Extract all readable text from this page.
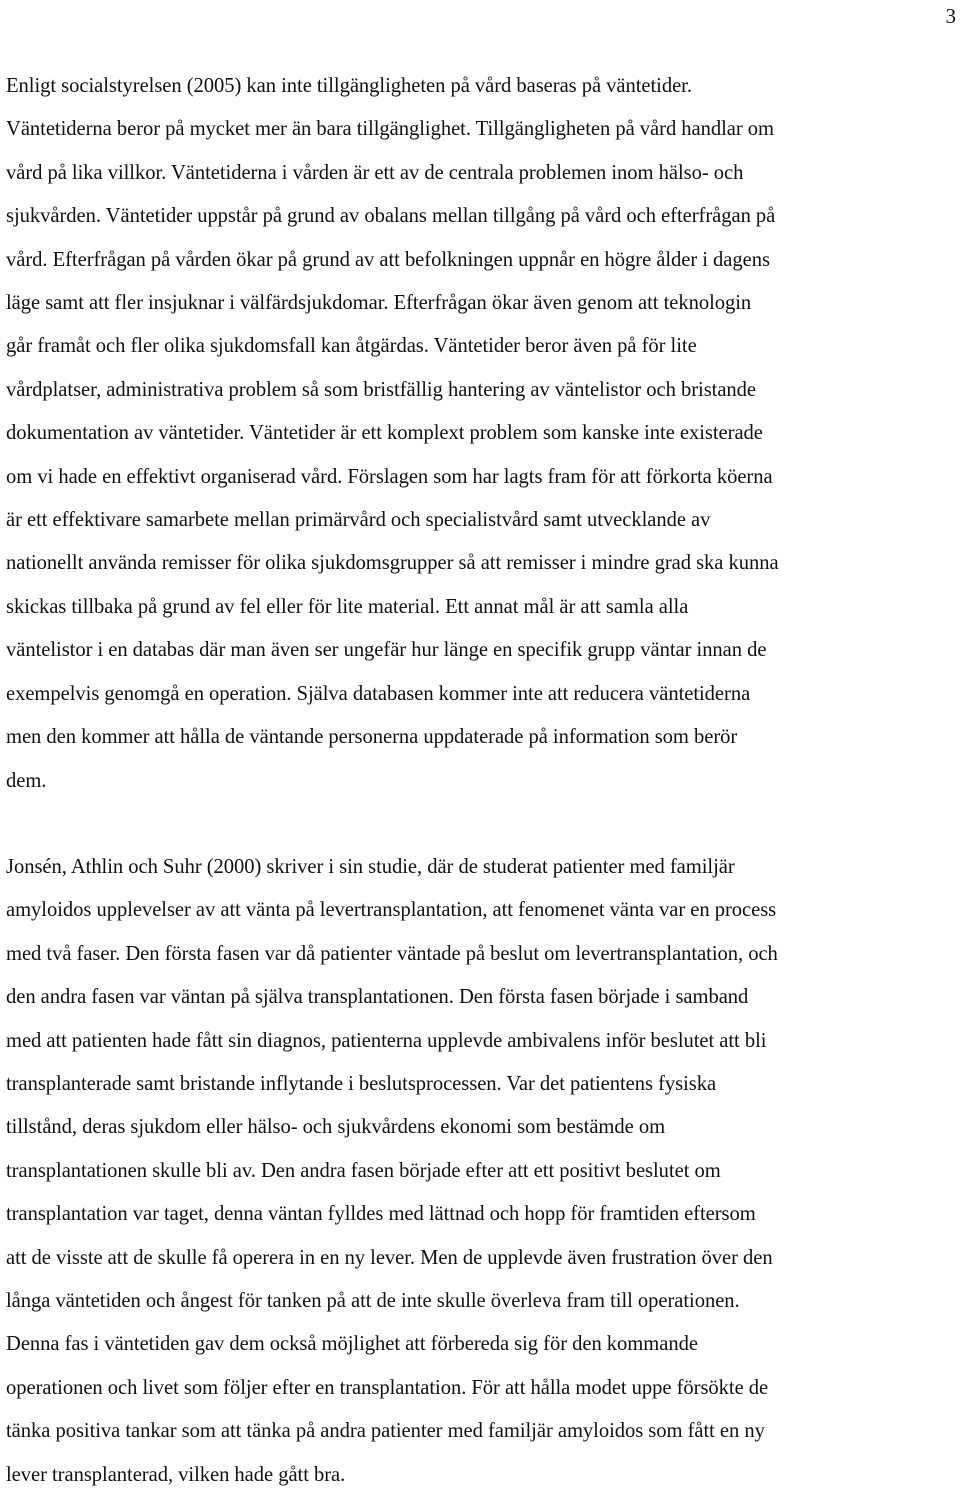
3

Enligt socialstyrelsen (2005) kan inte tillgängligheten på vård baseras på väntetider.
Väntetiderna beror på mycket mer än bara tillgänglighet. Tillgängligheten på vård handlar om
vård på lika villkor. Väntetiderna i vården är ett av de centrala problemen inom hälso- och
sjukvården. Väntetider uppstår på grund av obalans mellan tillgång på vård och efterfrågan på
vård. Efterfrågan på vården ökar på grund av att befolkningen uppnår en högre ålder i dagens
läge samt att fler insjuknar i välfärdsjukdomar. Efterfrågan ökar även genom att teknologin
går framåt och fler olika sjukdomsfall kan åtgärdas. Väntetider beror även på för lite
vårdplatser, administrativa problem så som bristfällig hantering av väntelistor och bristande
dokumentation av väntetider. Väntetider är ett komplext problem som kanske inte existerade
om vi hade en effektivt organiserad vård. Förslagen som har lagts fram för att förkorta köerna
är ett effektivare samarbete mellan primärvård och specialistvård samt utvecklande av
nationellt använda remisser för olika sjukdomsgrupper så att remisser i mindre grad ska kunna
skickas tillbaka på grund av fel eller för lite material. Ett annat mål är att samla alla
väntelistor i en databas där man även ser ungefär hur länge en specifik grupp väntar innan de
exempelvis genomgå en operation. Själva databasen kommer inte att reducera väntetiderna
men den kommer att hålla de väntande personerna uppdaterade på information som berör
dem.

Jonsén, Athlin och Suhr (2000) skriver i sin studie, där de studerat patienter med familjär
amyloidos upplevelser av att vänta på levertransplantation, att fenomenet vänta var en process
med två faser. Den första fasen var då patienter väntade på beslut om levertransplantation, och
den andra fasen var väntan på själva transplantationen. Den första fasen började i samband
med att patienten hade fått sin diagnos, patienterna upplevde ambivalens inför beslutet att bli
transplanterade samt bristande inflytande i beslutsprocessen. Var det patientens fysiska
tillstånd, deras sjukdom eller hälso- och sjukvårdens ekonomi som bestämde om
transplantationen skulle bli av. Den andra fasen började efter att ett positivt beslutet om
transplantation var taget, denna väntan fylldes med lättnad och hopp för framtiden eftersom
att de visste att de skulle få operera in en ny lever. Men de upplevde även frustration över den
långa väntetiden och ångest för tanken på att de inte skulle överleva fram till operationen.
Denna fas i väntetiden gav dem också möjlighet att förbereda sig för den kommande
operationen och livet som följer efter en transplantation. För att hålla modet uppe försökte de
tänka positiva tankar som att tänka på andra patienter med familjär amyloidos som fått en ny
lever transplanterad, vilken hade gått bra.
